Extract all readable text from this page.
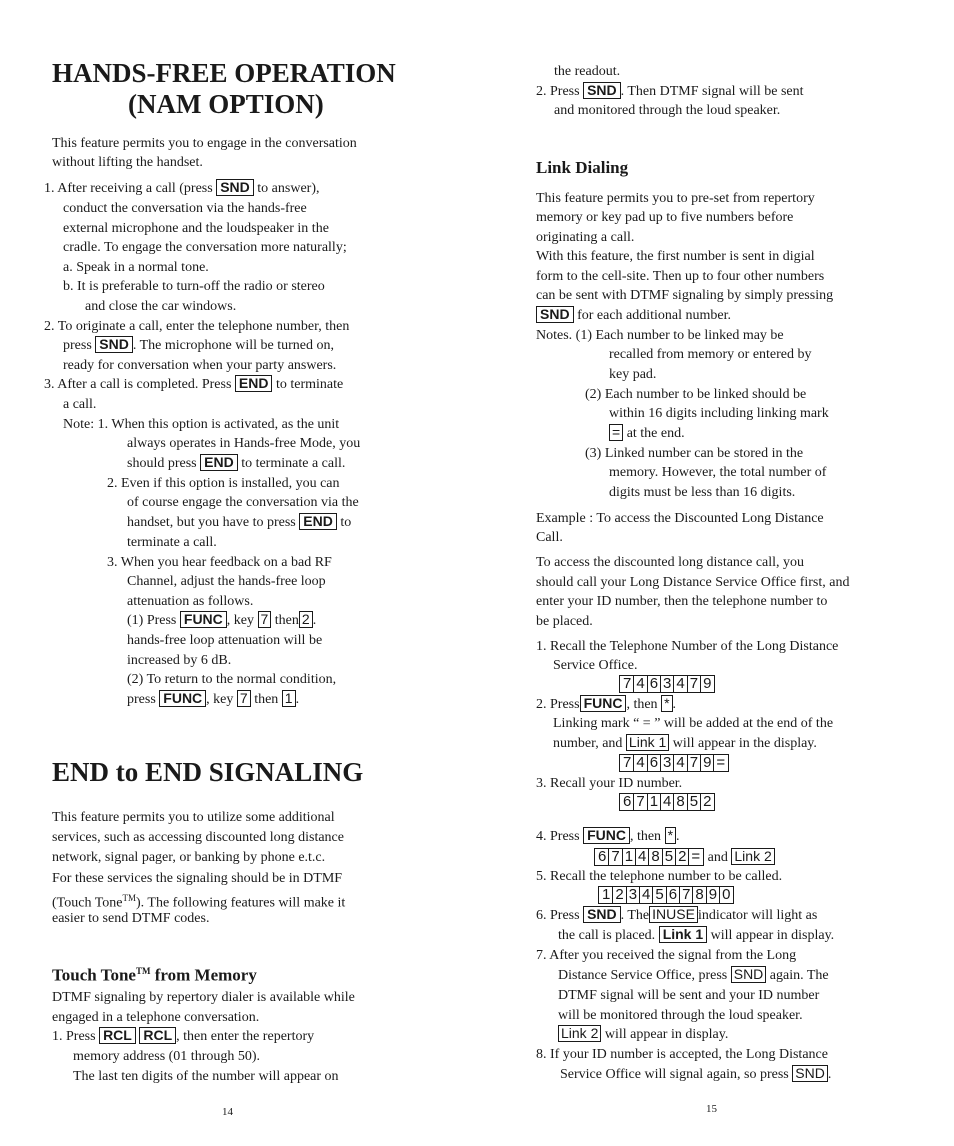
HANDS-FREE OPERATION
(NAM OPTION)
This feature permits you to engage in the conversation
without lifting the handset.
1. After receiving a call (press SND to answer),
conduct the conversation via the hands-free
external microphone and the loudspeaker in the
cradle. To engage the conversation more naturally;
a. Speak in a normal tone.
b. It is preferable to turn-off the radio or stereo
and close the car windows.
2. To originate a call, enter the telephone number, then
press SND . The microphone will be turned on,
ready for conversation when your party answers.
3. After a call is completed. Press END to terminate
a call.
Note: 1. When this option is activated, as the unit
always operates in Hands-free Mode, you
should press END to terminate a call.
2. Even if this option is installed, you can
of course engage the conversation via the
handset, but you have to press END to
terminate a call.
3. When you hear feedback on a bad RF
Channel, adjust the hands-free loop
attenuation as follows.
(1) Press FUNC , key 7 then 2 .
hands-free loop attenuation will be
increased by 6 dB.
(2) To return to the normal condition,
press FUNC , key 7 then 1 .
END to END SIGNALING
This feature permits you to utilize some additional
services, such as accessing discounted long distance
network, signal pager, or banking by phone e.t.c.
For these services the signaling should be in DTMF
(Touch Tone™). The following features will make it
easier to send DTMF codes.
Touch Tone™ from Memory
DTMF signaling by repertory dialer is available while
engaged in a telephone conversation.
1. Press RCL RCL , then enter the repertory
memory address (01 through 50).
The last ten digits of the number will appear on
14
the readout.
2. Press SND . Then DTMF signal will be sent
and monitored through the loud speaker.
Link Dialing
This feature permits you to pre-set from repertory
memory or key pad up to five numbers before
originating a call.
With this feature, the first number is sent in digial
form to the cell-site. Then up to four other numbers
can be sent with DTMF signaling by simply pressing
SND for each additional number.
Notes. (1) Each number to be linked may be
recalled from memory or entered by
key pad.
(2) Each number to be linked should be
within 16 digits including linking mark
= at the end.
(3) Linked number can be stored in the
memory. However, the total number of
digits must be less than 16 digits.
Example : To access the Discounted Long Distance
Call.
To access the discounted long distance call, you
should call your Long Distance Service Office first, and
enter your ID number, then the telephone number to
be placed.
1. Recall the Telephone Number of the Long Distance
Service Office.
7 4 6 3 4 7 9
2. Press FUNC , then * .
Linking mark “ = ” will be added at the end of the
number, and Link 1 will appear in the display.
7 4 6 3 4 7 9 =
3. Recall your ID number.
6 7 1 4 8 5 2
4. Press FUNC , then * .
6 7 1 4 8 5 2 = and Link 2
5. Recall the telephone number to be called.
1 2 3 4 5 6 7 8 9 0
6. Press SND . The INUSE indicator will light as
the call is placed. Link 1 will appear in display.
7. After you received the signal from the Long
Distance Service Office, press SND again. The
DTMF signal will be sent and your ID number
will be monitored through the loud speaker.
Link 2 will appear in display.
8. If your ID number is accepted, the Long Distance
Service Office will signal again, so press SND .
15
